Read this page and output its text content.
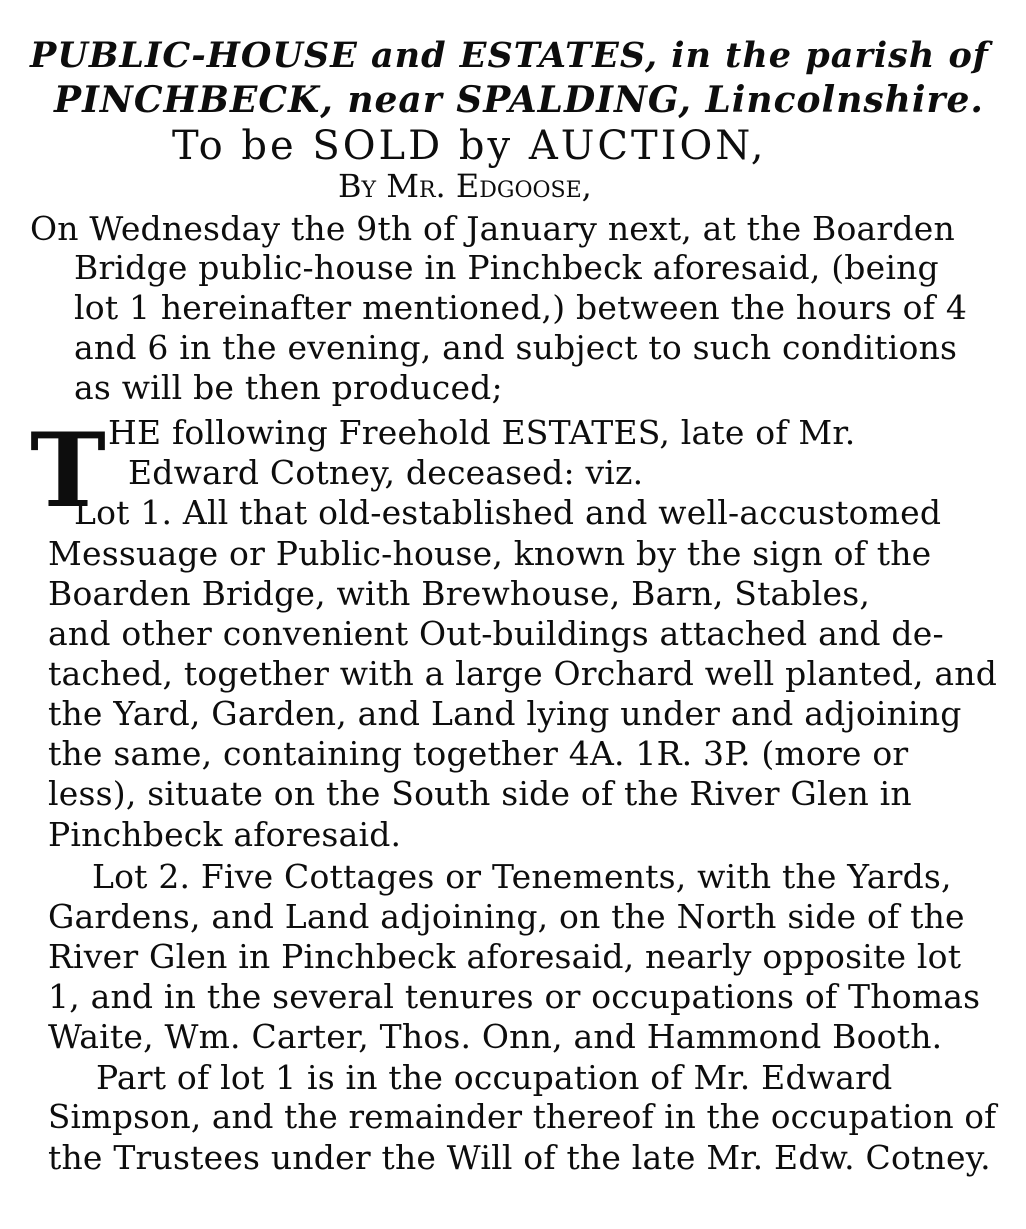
PUBLIC-HOUSE and ESTATES, in the parish of
PINCHBECK, near SPALDING, Lincolnshire.
To be SOLD by AUCTION,
By Mr. Edgoose,
On Wednesday the 9th of January next, at the Boarden
Bridge public-house in Pinchbeck aforesaid, (being
lot 1 hereinafter mentioned,) between the hours of 4
and 6 in the evening, and subject to such conditions
as will be then produced;
T HE following Freehold ESTATES, late of Mr.
Edward Cotney, deceased: viz.
Lot 1. All that old-established and well-accustomed
Messuage or Public-house, known by the sign of the
Boarden Bridge, with Brewhouse, Barn, Stables,
and other convenient Out-buildings attached and de-
tached, together with a large Orchard well planted, and
the Yard, Garden, and Land lying under and adjoining
the same, containing together 4A. 1R. 3P. (more or
less), situate on the South side of the River Glen in
Pinchbeck aforesaid.
Lot 2. Five Cottages or Tenements, with the Yards,
Gardens, and Land adjoining, on the North side of the
River Glen in Pinchbeck aforesaid, nearly opposite lot
1, and in the several tenures or occupations of Thomas
Waite, Wm. Carter, Thos. Onn, and Hammond Booth.
Part of lot 1 is in the occupation of Mr. Edward
Simpson, and the remainder thereof in the occupation of
the Trustees under the Will of the late Mr. Edw. Cotney.
